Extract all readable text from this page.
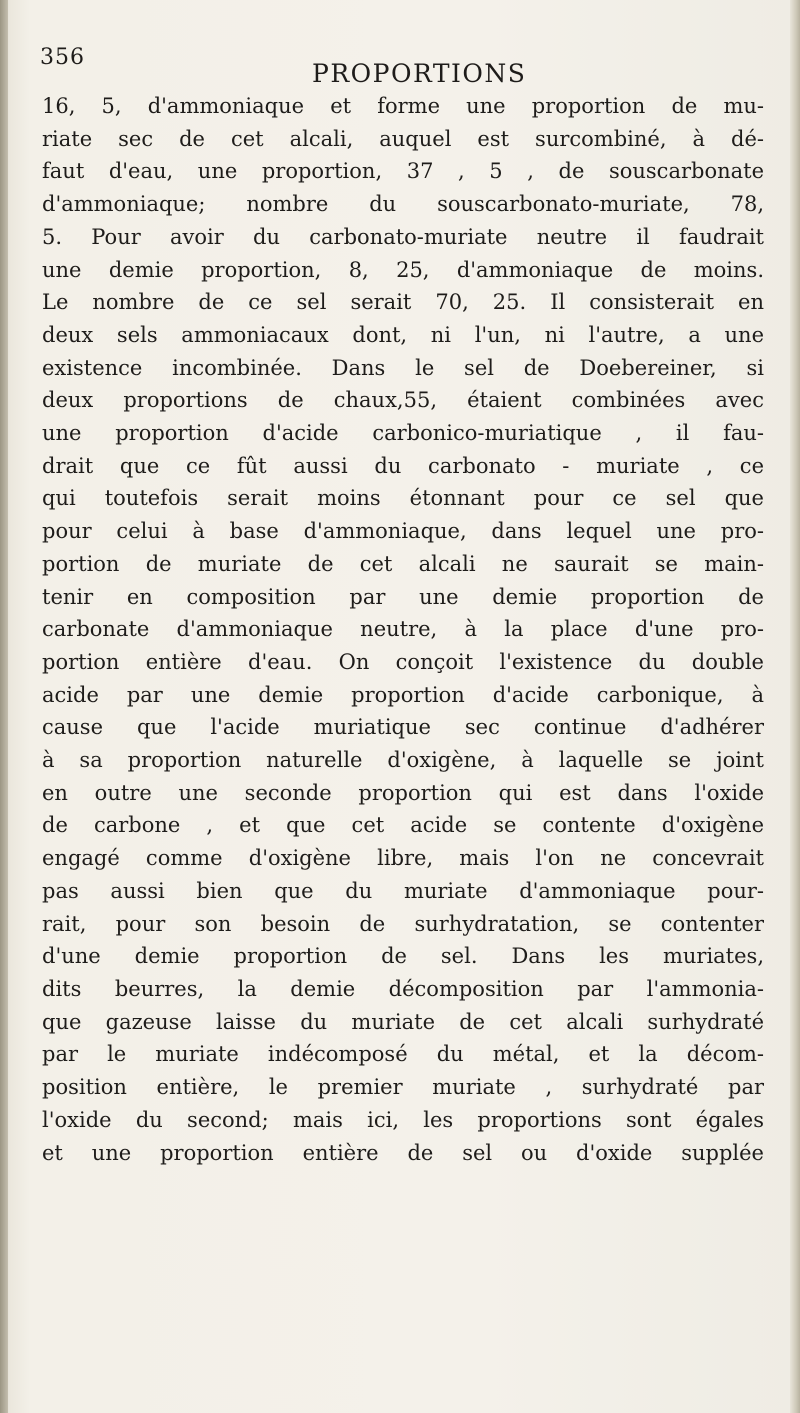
356
PROPORTIONS

16, 5, d'ammoniaque et forme une proportion de mu-
riate sec de cet alcali, auquel est surcombiné, à dé-
faut d'eau, une proportion, 37 , 5 , de souscarbonate
d'ammoniaque; nombre du souscarbonato-muriate, 78,
5. Pour avoir du carbonato-muriate neutre il faudrait
une demie proportion, 8, 25, d'ammoniaque de moins.
Le nombre de ce sel serait 70, 25. Il consisterait en
deux sels ammoniacaux dont, ni l'un, ni l'autre, a une
existence incombinée. Dans le sel de Doebereiner, si
deux proportions de chaux,55, étaient combinées avec
une proportion d'acide carbonico-muriatique , il fau-
drait que ce fût aussi du carbonato - muriate , ce
qui toutefois serait moins étonnant pour ce sel que
pour celui à base d'ammoniaque, dans lequel une pro-
portion de muriate de cet alcali ne saurait se main-
tenir en composition par une demie proportion de
carbonate d'ammoniaque neutre, à la place d'une pro-
portion entière d'eau. On conçoit l'existence du double
acide par une demie proportion d'acide carbonique, à
cause que l'acide muriatique sec continue d'adhérer
à sa proportion naturelle d'oxigène, à laquelle se joint
en outre une seconde proportion qui est dans l'oxide
de carbone , et que cet acide se contente d'oxigène
engagé comme d'oxigène libre, mais l'on ne concevrait
pas aussi bien que du muriate d'ammoniaque pour-
rait, pour son besoin de surhydratation, se contenter
d'une demie proportion de sel. Dans les muriates,
dits beurres, la demie décomposition par l'ammonia-
que gazeuse laisse du muriate de cet alcali surhydraté
par le muriate indécomposé du métal, et la décom-
position entière, le premier muriate , surhydraté par
l'oxide du second; mais ici, les proportions sont égales
et une proportion entière de sel ou d'oxide supplée
